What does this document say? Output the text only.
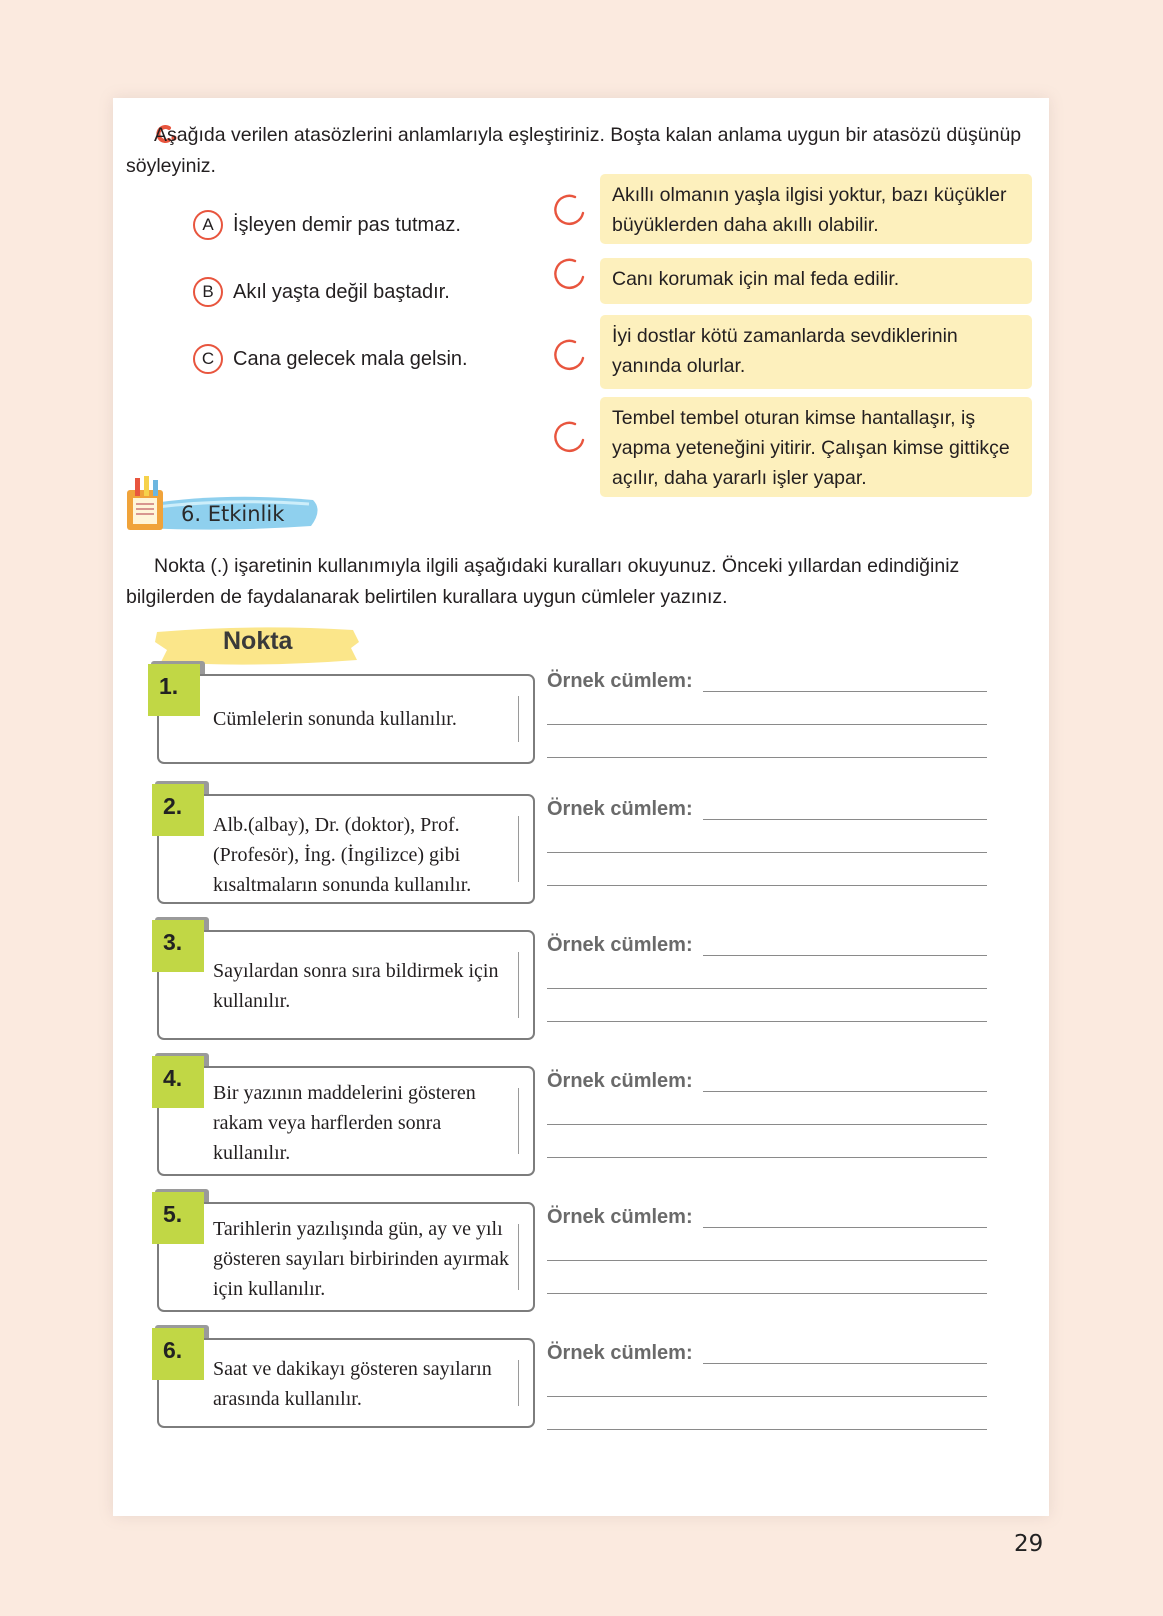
Aşağıda verilen atasözlerini anlamlarıyla eşleştiriniz. Boşta kalan anlama uygun bir atasözü düşünüp söyleyiniz.
A İşleyen demir pas tutmaz.
B Akıl yaşta değil baştadır.
C Cana gelecek mala gelsin.
Akıllı olmanın yaşla ilgisi yoktur, bazı küçükler büyüklerden daha akıllı olabilir.
Canı korumak için mal feda edilir.
İyi dostlar kötü zamanlarda sevdiklerinin yanında olurlar.
Tembel tembel oturan kimse hantallaşır, iş yapma yeteneğini yitirir. Çalışan kimse gittikçe açılır, daha yararlı işler yapar.
6. Etkinlik
Nokta (.) işaretinin kullanımıyla ilgili aşağıdaki kuralları okuyunuz. Önceki yıllardan edindiğiniz bilgilerden de faydalanarak belirtilen kurallara uygun cümleler yazınız.
Nokta
1.
Cümlelerin sonunda kullanılır.
Örnek cümlem:
2.
Alb.(albay), Dr. (doktor), Prof. (Profesör), İng. (İngilizce) gibi kısaltmaların sonunda kullanılır.
Örnek cümlem:
3.
Sayılardan sonra sıra bildirmek için kullanılır.
Örnek cümlem:
4.
Bir yazının maddelerini gösteren rakam veya harflerden sonra kullanılır.
Örnek cümlem:
5.
Tarihlerin yazılışında gün, ay ve yılı gösteren sayıları birbirinden ayırmak için kullanılır.
Örnek cümlem:
6.
Saat ve dakikayı gösteren sayıların arasında kullanılır.
Örnek cümlem:
29
